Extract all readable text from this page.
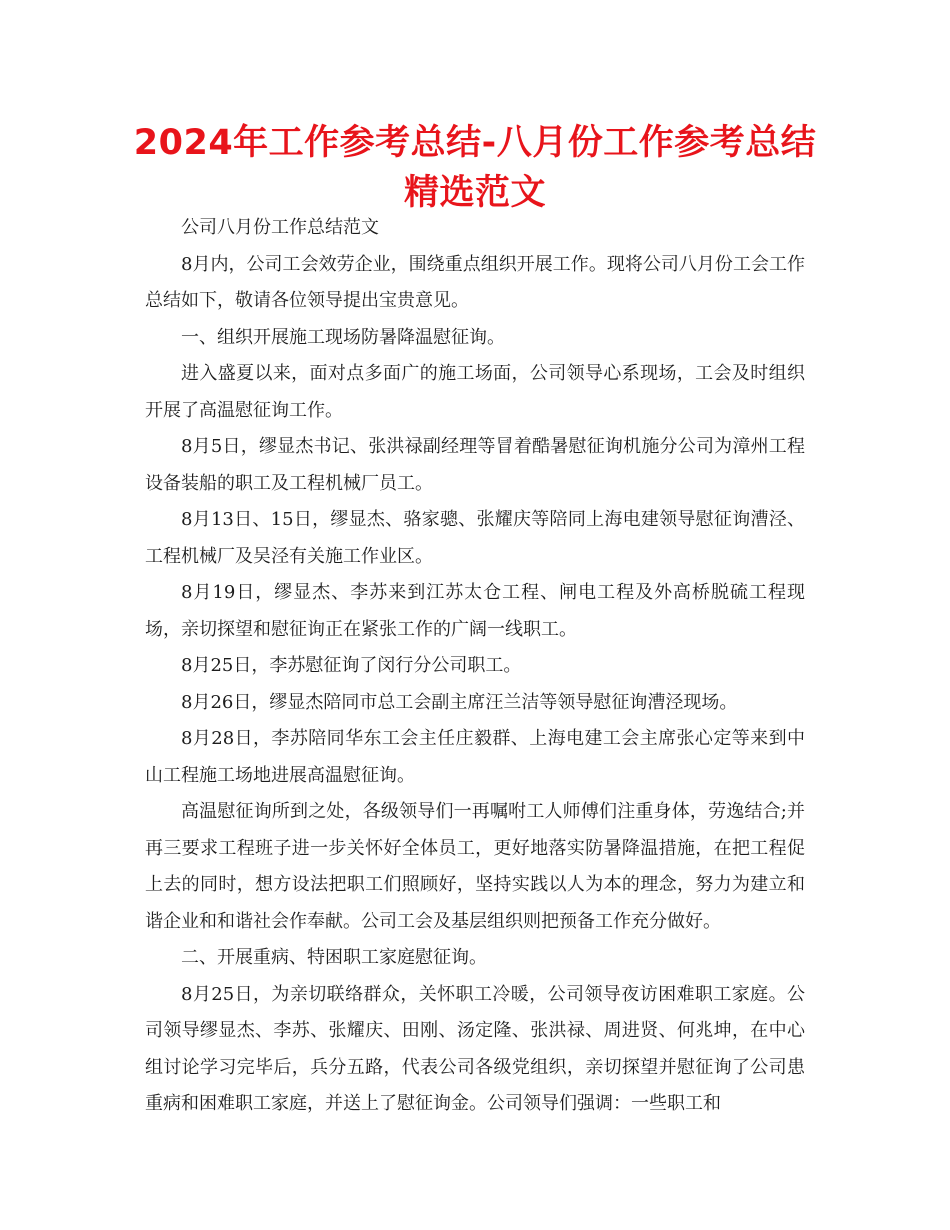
2024年工作参考总结-八月份工作参考总结精选范文

公司八月份工作总结范文

8月内，公司工会效劳企业，围绕重点组织开展工作。现将公司八月份工会工作总结如下，敬请各位领导提出宝贵意见。

一、组织开展施工现场防暑降温慰征询。

进入盛夏以来，面对点多面广的施工场面，公司领导心系现场，工会及时组织开展了高温慰征询工作。

8月5日，缪显杰书记、张洪禄副经理等冒着酷暑慰征询机施分公司为漳州工程设备装船的职工及工程机械厂员工。

8月13日、15日，缪显杰、骆家骢、张耀庆等陪同上海电建领导慰征询漕泾、工程机械厂及吴泾有关施工作业区。

8月19日，缪显杰、李苏来到江苏太仓工程、闸电工程及外高桥脱硫工程现场，亲切探望和慰征询正在紧张工作的广阔一线职工。

8月25日，李苏慰征询了闵行分公司职工。

8月26日，缪显杰陪同市总工会副主席汪兰洁等领导慰征询漕泾现场。

8月28日，李苏陪同华东工会主任庄毅群、上海电建工会主席张心定等来到中山工程施工场地进展高温慰征询。

高温慰征询所到之处，各级领导们一再嘱咐工人师傅们注重身体，劳逸结合;并再三要求工程班子进一步关怀好全体员工，更好地落实防暑降温措施，在把工程促上去的同时，想方设法把职工们照顾好，坚持实践以人为本的理念，努力为建立和谐企业和和谐社会作奉献。公司工会及基层组织则把预备工作充分做好。

二、开展重病、特困职工家庭慰征询。

8月25日，为亲切联络群众，关怀职工冷暖，公司领导夜访困难职工家庭。公司领导缪显杰、李苏、张耀庆、田刚、汤定隆、张洪禄、周进贤、何兆坤，在中心组讨论学习完毕后，兵分五路，代表公司各级党组织，亲切探望并慰征询了公司患重病和困难职工家庭，并送上了慰征询金。公司领导们强调：一些职工和
